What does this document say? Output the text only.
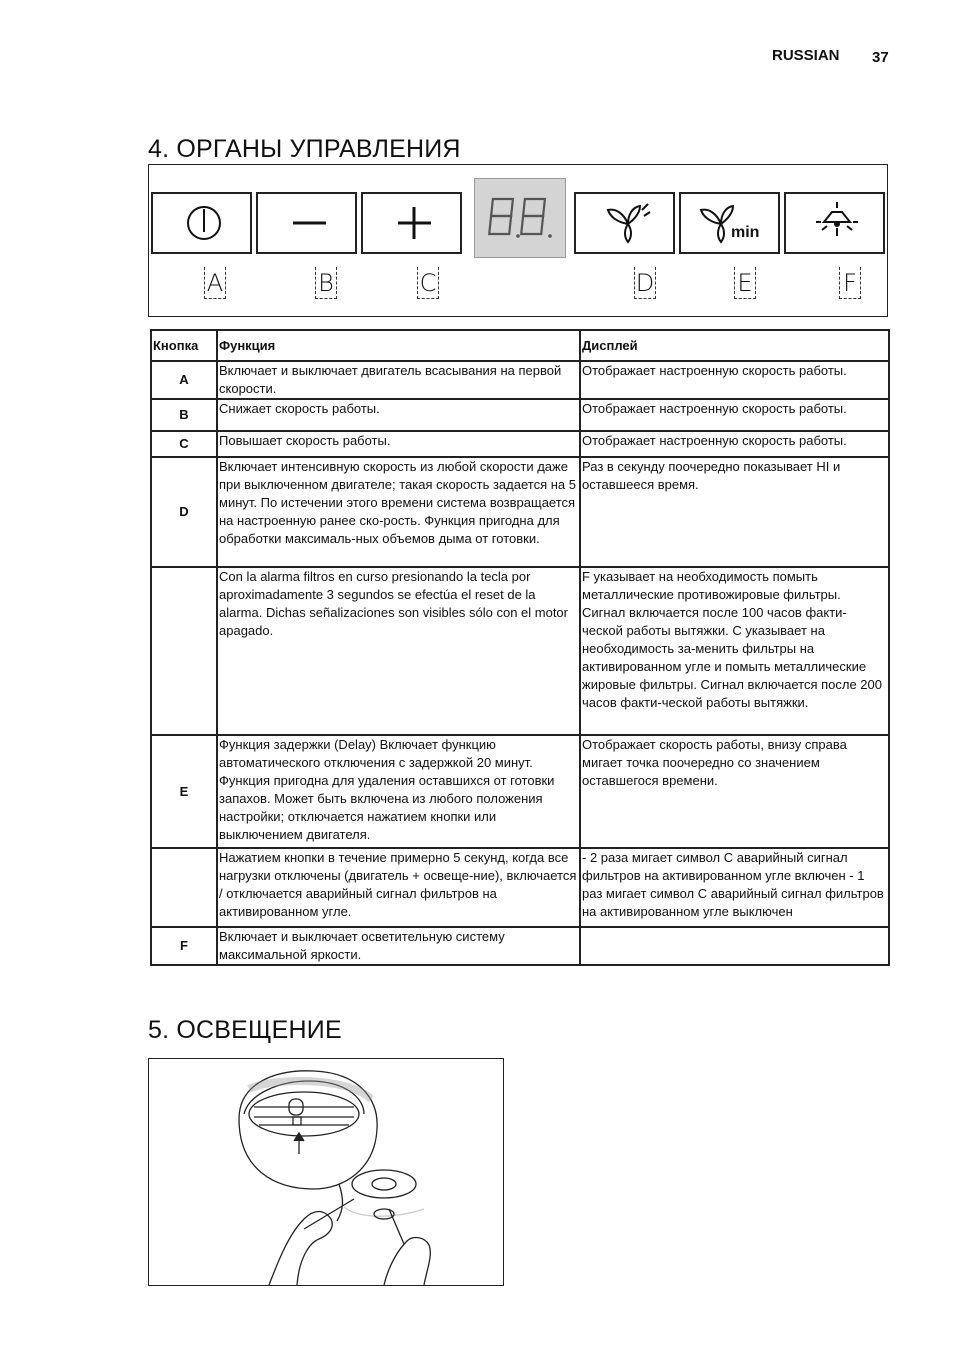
RUSSIAN 37
4. ОРГАНЫ УПРАВЛЕНИЯ
min
A	B	C	D	E	F
Кнопка	Функция	Дисплей
A	Включает и выключает двигатель всасывания на первой скорости.	Отображает настроенную скорость работы.
B	Снижает скорость работы.	Отображает настроенную скорость работы.
C	Повышает скорость работы.	Отображает настроенную скорость работы.
D	Включает интенсивную скорость из любой скорости даже при выключенном двигателе; такая скорость задается на 5 минут. По истечении этого времени система возвращается на настроенную ранее ско-рость. Функция пригодна для обработки максималь-ных объемов дыма от готовки.	Раз в секунду поочередно показывает HI и оставшееся время.
	Con la alarma filtros en curso presionando la tecla por aproximadamente 3 segundos se efectúa el reset de la alarma. Dichas señalizaciones son visibles sólo con el motor apagado.	F указывает на необходимость помыть металлические противожировые фильтры. Сигнал включается после 100 часов факти-ческой работы вытяжки. C указывает на необходимость за-менить фильтры на активированном угле и помыть металлические жировые фильтры. Сигнал включается после 200 часов факти-ческой работы вытяжки.
E	Функция задержки (Delay) Включает функцию автоматического отключения с задержкой 20 минут. Функция пригодна для удаления оставшихся от готовки запахов. Может быть включена из любого положения настройки; отключается нажатием кнопки или выключением двигателя.	Отображает скорость работы, внизу справа мигает точка поочередно со значением оставшегося времени.
	Нажатием кнопки в течение примерно 5 секунд, когда все нагрузки отключены (двигатель + освеще-ние), включается / отключается аварийный сигнал фильтров на активированном угле.	- 2 раза мигает символ C аварийный сигнал фильтров на активированном угле включен - 1 раз мигает символ C аварийный сигнал фильтров на активированном угле выключен
F	Включает и выключает осветительную систему максимальной яркости.	
5. ОСВЕЩЕНИЕ
